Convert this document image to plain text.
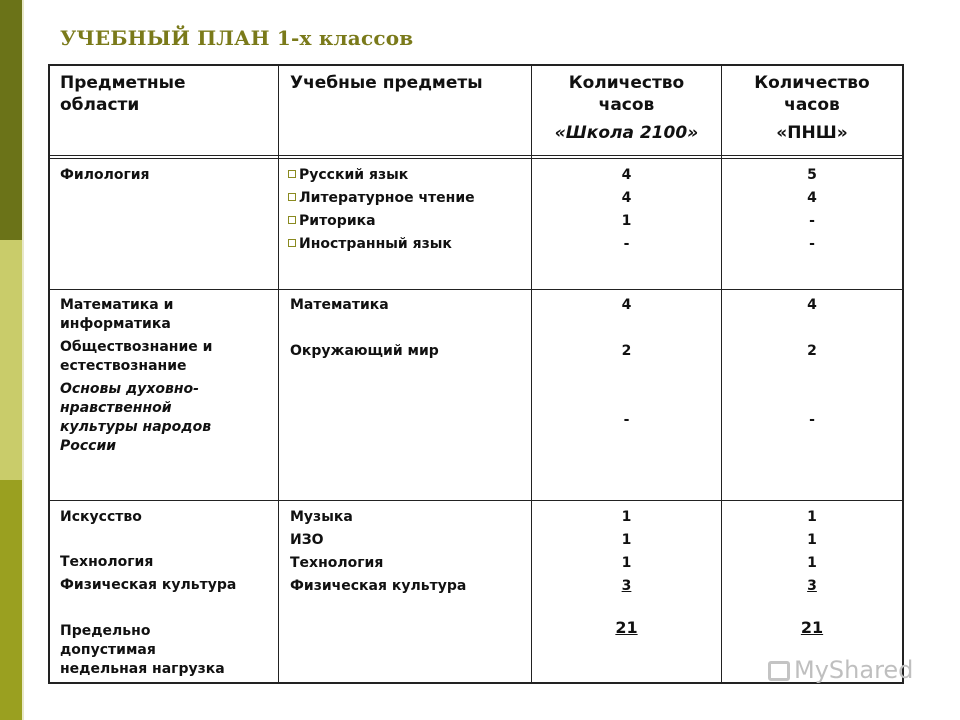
УЧЕБНЫЙ ПЛАН 1-х классов
Предметные
области
Учебные предметы	Количество
часов
«Школа 2100»
Количество
часов
«ПНШ»
Филология	Русский язык
Литературное чтение
Риторика
Иностранный язык
4
4
1
-
5
4
-
-
Математика и
информатика
Обществознание и
естествознание
Основы духовно-
нравственной
культуры народов
России
Математика
Окружающий мир
4
2
-
4
2
-
Искусство
Технология
Физическая культура
Предельно
допустимая
недельная нагрузка
Музыка
ИЗО
Технология
Физическая культура
1
1
1
3
21
1
1
1
3
21
MyShared
